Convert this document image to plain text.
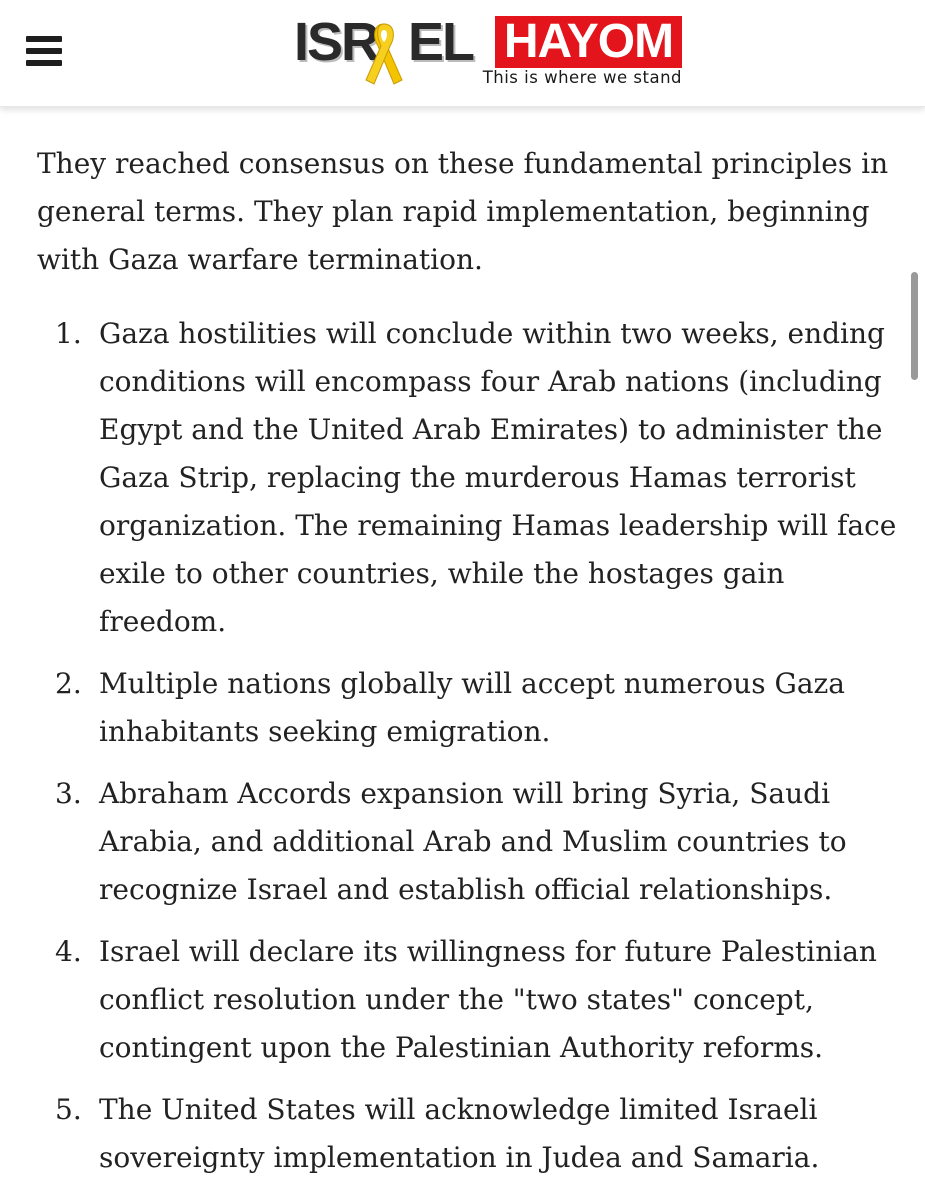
ISR EL HAYOM
This is where we stand

They reached consensus on these fundamental principles in general terms. They plan rapid implementation, beginning with Gaza warfare termination.

1. Gaza hostilities will conclude within two weeks, ending conditions will encompass four Arab nations (including Egypt and the United Arab Emirates) to administer the Gaza Strip, replacing the murderous Hamas terrorist organization. The remaining Hamas leadership will face exile to other countries, while the hostages gain freedom.
2. Multiple nations globally will accept numerous Gaza inhabitants seeking emigration.
3. Abraham Accords expansion will bring Syria, Saudi Arabia, and additional Arab and Muslim countries to recognize Israel and establish official relationships.
4. Israel will declare its willingness for future Palestinian conflict resolution under the "two states" concept, contingent upon the Palestinian Authority reforms.
5. The United States will acknowledge limited Israeli sovereignty implementation in Judea and Samaria.
